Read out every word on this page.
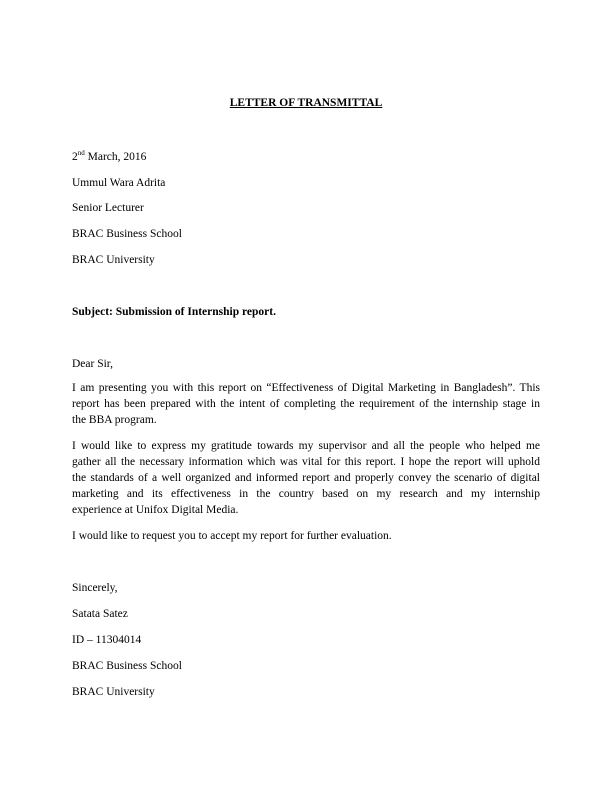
LETTER OF TRANSMITTAL
2nd March, 2016
Ummul Wara Adrita
Senior Lecturer
BRAC Business School
BRAC University
Subject: Submission of Internship report.
Dear Sir,
I am presenting you with this report on “Effectiveness of Digital Marketing in Bangladesh”. This
report has been prepared with the intent of completing the requirement of the internship stage in
the BBA program.
I would like to express my gratitude towards my supervisor and all the people who helped me
gather all the necessary information which was vital for this report. I hope the report will uphold
the standards of a well organized and informed report and properly convey the scenario of digital
marketing and its effectiveness in the country based on my research and my internship
experience at Unifox Digital Media.
I would like to request you to accept my report for further evaluation.
Sincerely,
Satata Satez
ID – 11304014
BRAC Business School
BRAC University
